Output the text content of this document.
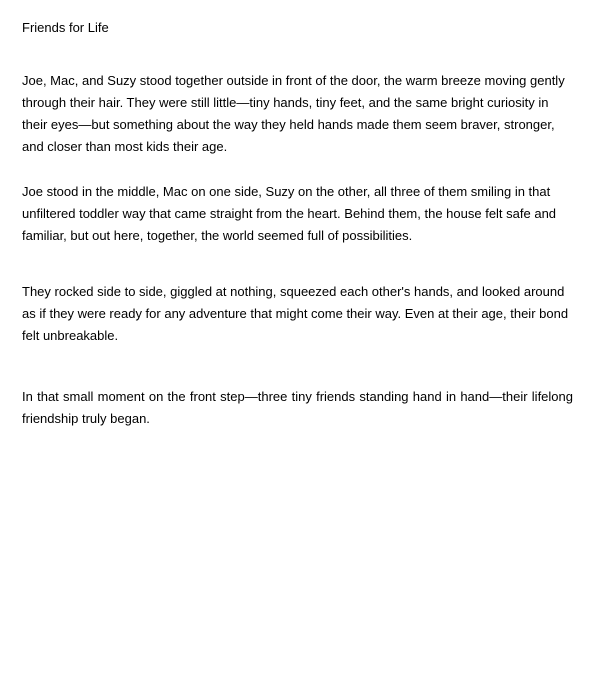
Friends for Life

Joe, Mac, and Suzy stood together outside in front of the door, the warm breeze moving gently through their hair. They were still little—tiny hands, tiny feet, and the same bright curiosity in their eyes—but something about the way they held hands made them seem braver, stronger, and closer than most kids their age.

Joe stood in the middle, Mac on one side, Suzy on the other, all three of them smiling in that unfiltered toddler way that came straight from the heart. Behind them, the house felt safe and familiar, but out here, together, the world seemed full of possibilities.

They rocked side to side, giggled at nothing, squeezed each other's hands, and looked around as if they were ready for any adventure that might come their way. Even at their age, their bond felt unbreakable.

In that small moment on the front step—three tiny friends standing hand in hand—their lifelong friendship truly began.
